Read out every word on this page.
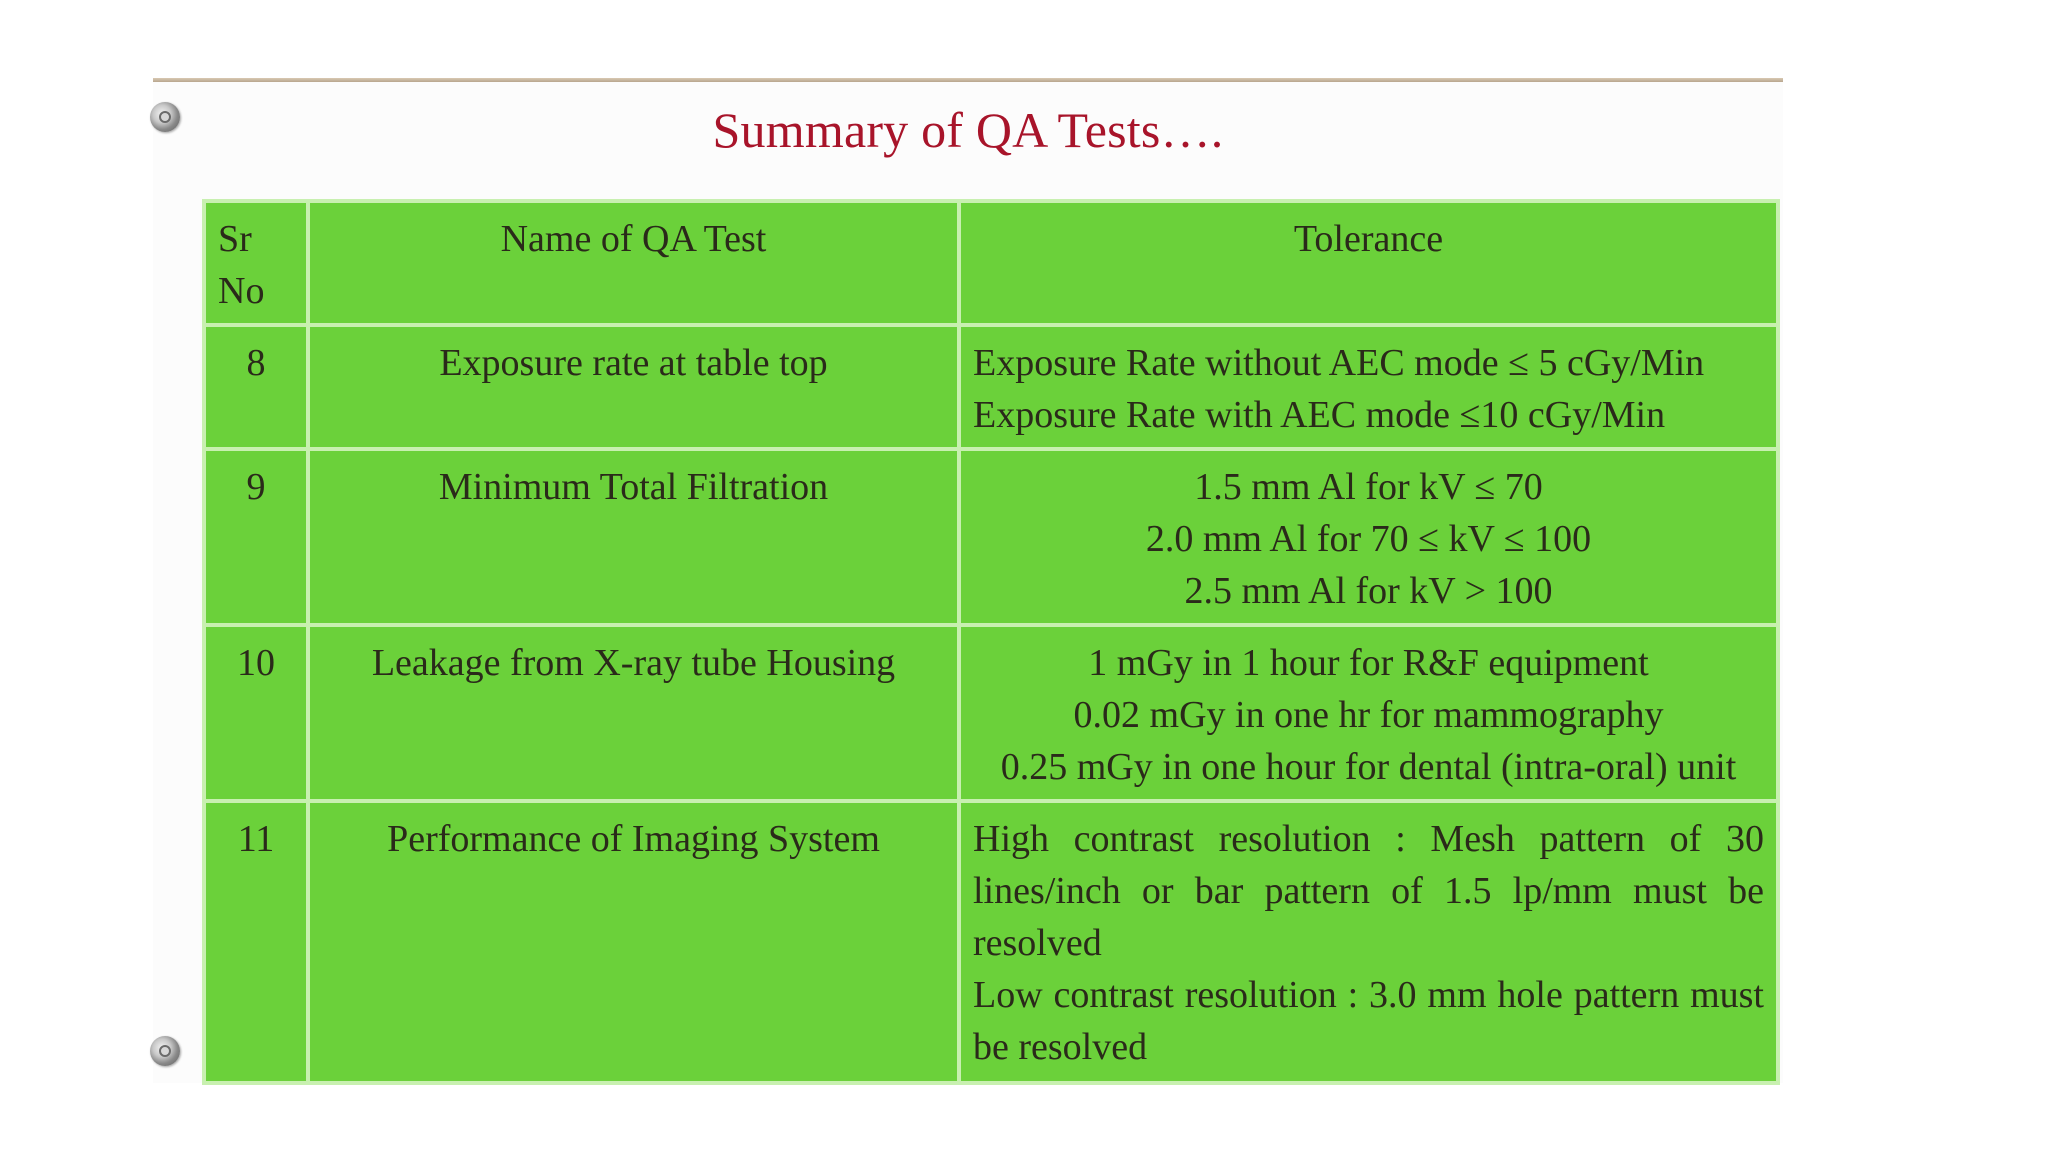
Summary of QA Tests….
Sr
No	Name of QA Test	Tolerance
8	Exposure rate at table top	Exposure Rate without AEC mode ≤ 5 cGy/Min
Exposure Rate with AEC mode ≤10 cGy/Min

9	Minimum Total Filtration	1.5 mm Al for kV ≤ 70
2.0 mm Al for 70 ≤ kV ≤ 100
2.5 mm Al for kV > 100

10	Leakage from X-ray tube Housing	1 mGy in 1 hour for R&F equipment
0.02 mGy in one hr for mammography
0.25 mGy in one hour for dental (intra-oral) unit

11	Performance of Imaging System	High contrast resolution : Mesh pattern of 30 lines/inch or bar pattern of 1.5 lp/mm must be resolved
Low contrast resolution : 3.0 mm hole pattern must be resolved
